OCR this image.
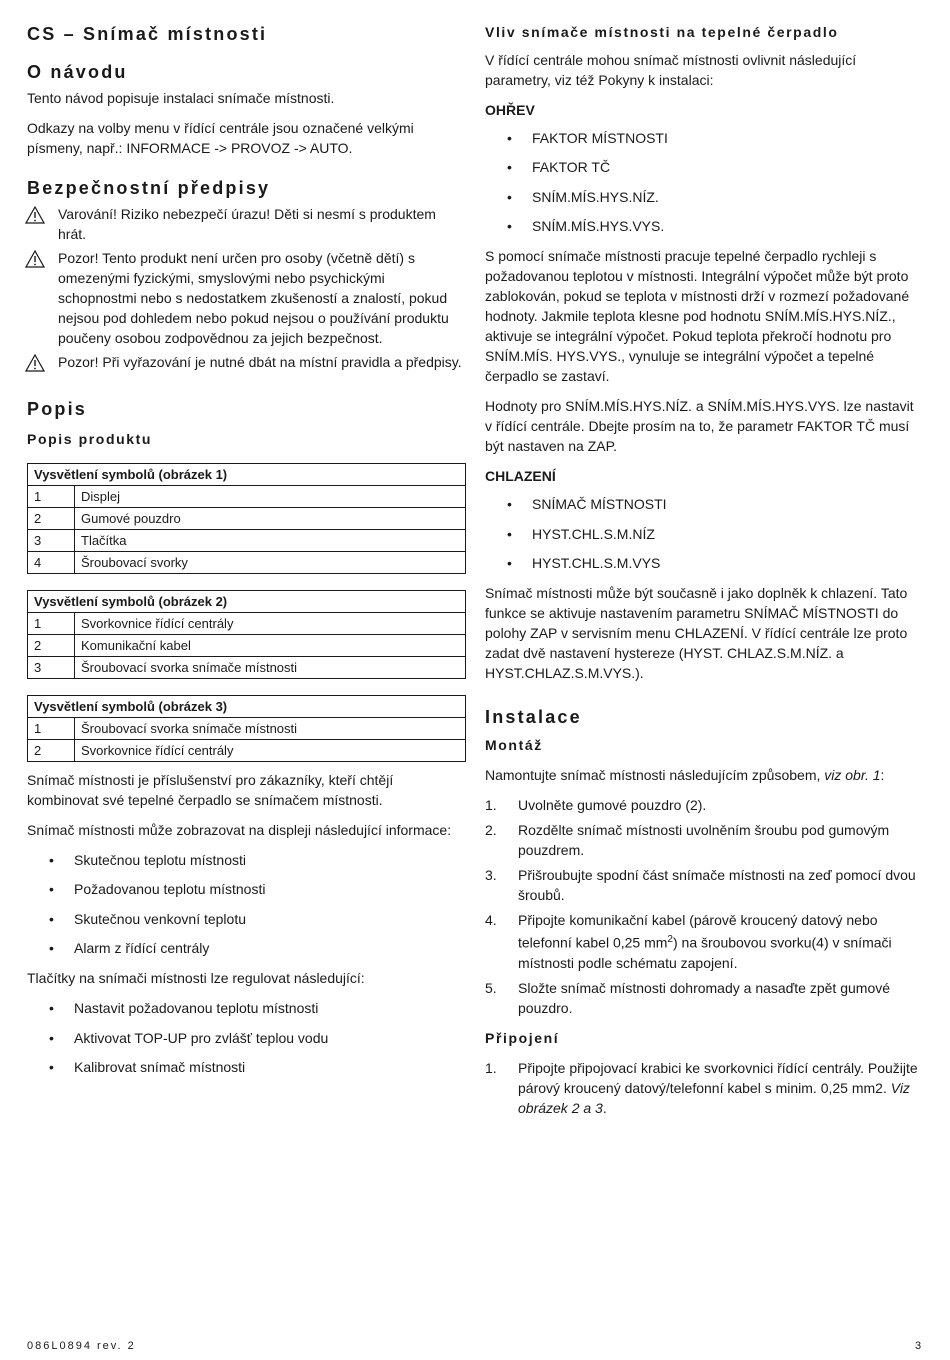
CS – Snímač místnosti
O návodu

Tento návod popisuje instalaci snímače místnosti.

Odkazy na volby menu v řídící centrále jsou označené velkými písmeny, např.: INFORMACE -> PROVOZ -> AUTO.

Bezpečnostní předpisy
Varování! Riziko nebezpečí úrazu! Děti si nesmí s produktem hrát.
Pozor! Tento produkt není určen pro osoby (včetně dětí) s omezenými fyzickými, smyslovými nebo psychickými schopnostmi nebo s nedostatkem zkušeností a znalostí, pokud nejsou pod dohledem nebo pokud nejsou o používání produktu poučeny osobou zodpovědnou za jejich bezpečnost.
Pozor! Při vyřazování je nutné dbát na místní pravidla a předpisy.
Popis
Popis produktu
Vysvětlení symbolů (obrázek 1)	
1	Displej
2	Gumové pouzdro
3	Tlačítka
4	Šroubovací svorky
Vysvětlení symbolů (obrázek 2)	
1	Svorkovnice řídící centrály
2	Komunikační kabel
3	Šroubovací svorka snímače místnosti
Vysvětlení symbolů (obrázek 3)	
1	Šroubovací svorka snímače místnosti
2	Svorkovnice řídící centrály

Snímač místnosti je příslušenství pro zákazníky, kteří chtějí kombinovat své tepelné čerpadlo se snímačem místnosti.

Snímač místnosti může zobrazovat na displeji následující informace:

• Skutečnou teplotu místnosti
• Požadovanou teplotu místnosti
• Skutečnou venkovní teplotu
• Alarm z řídící centrály

Tlačítky na snímači místnosti lze regulovat následující:

• Nastavit požadovanou teplotu místnosti
• Aktivovat TOP-UP pro zvlášť teplou vodu
• Kalibrovat snímač místnosti
Vliv snímače místnosti na tepelné čerpadlo

V řídící centrále mohou snímač místnosti ovlivnit následující parametry, viz též Pokyny k instalaci:

OHŘEV
• FAKTOR MÍSTNOSTI
• FAKTOR TČ
• SNÍM.MÍS.HYS.NÍZ.
• SNÍM.MÍS.HYS.VYS.

S pomocí snímače místnosti pracuje tepelné čerpadlo rychleji s požadovanou teplotou v místnosti. Integrální výpočet může být proto zablokován, pokud se teplota v místnosti drží v rozmezí požadované hodnoty. Jakmile teplota klesne pod hodnotu SNÍM.MÍS.HYS.NÍZ., aktivuje se integrální výpočet. Pokud teplota překročí hodnotu pro SNÍM.MÍS. HYS.VYS., vynuluje se integrální výpočet a tepelné čerpadlo se zastaví.

Hodnoty pro SNÍM.MÍS.HYS.NÍZ. a SNÍM.MÍS.HYS.VYS. lze nastavit v řídící centrále. Dbejte prosím na to, že parametr FAKTOR TČ musí být nastaven na ZAP.

CHLAZENÍ
• SNÍMAČ MÍSTNOSTI
• HYST.CHL.S.M.NÍZ
• HYST.CHL.S.M.VYS

Snímač místnosti může být současně i jako doplněk k chlazení. Tato funkce se aktivuje nastavením parametru SNÍMAČ MÍSTNOSTI do polohy ZAP v servisním menu CHLAZENÍ. V řídící centrále lze proto zadat dvě nastavení hystereze (HYST. CHLAZ.S.M.NÍZ. a HYST.CHLAZ.S.M.VYS.).

Instalace
Montáž

Namontujte snímač místnosti následujícím způsobem, viz obr. 1:

1.	Uvolněte gumové pouzdro (2).
2.	Rozdělte snímač místnosti uvolněním šroubu pod gumovým pouzdrem.
3.	Přišroubujte spodní část snímače místnosti na zeď pomocí dvou šroubů.
4.	Připojte komunikační kabel (párově kroucený datový nebo telefonní kabel 0,25 $mm^2$) na šroubovou svorku(4) v snímači místnosti podle schématu zapojení.
5.	Složte snímač místnosti dohromady a nasaďte zpět gumové pouzdro.
Připojení
1.	Připojte připojovací krabici ke svorkovnici řídící centrály. Použijte párový kroucený datový/telefonní kabel s minim. 0,25 mm2. Viz obrázek 2 a 3.
086L0894 rev. 2	3
